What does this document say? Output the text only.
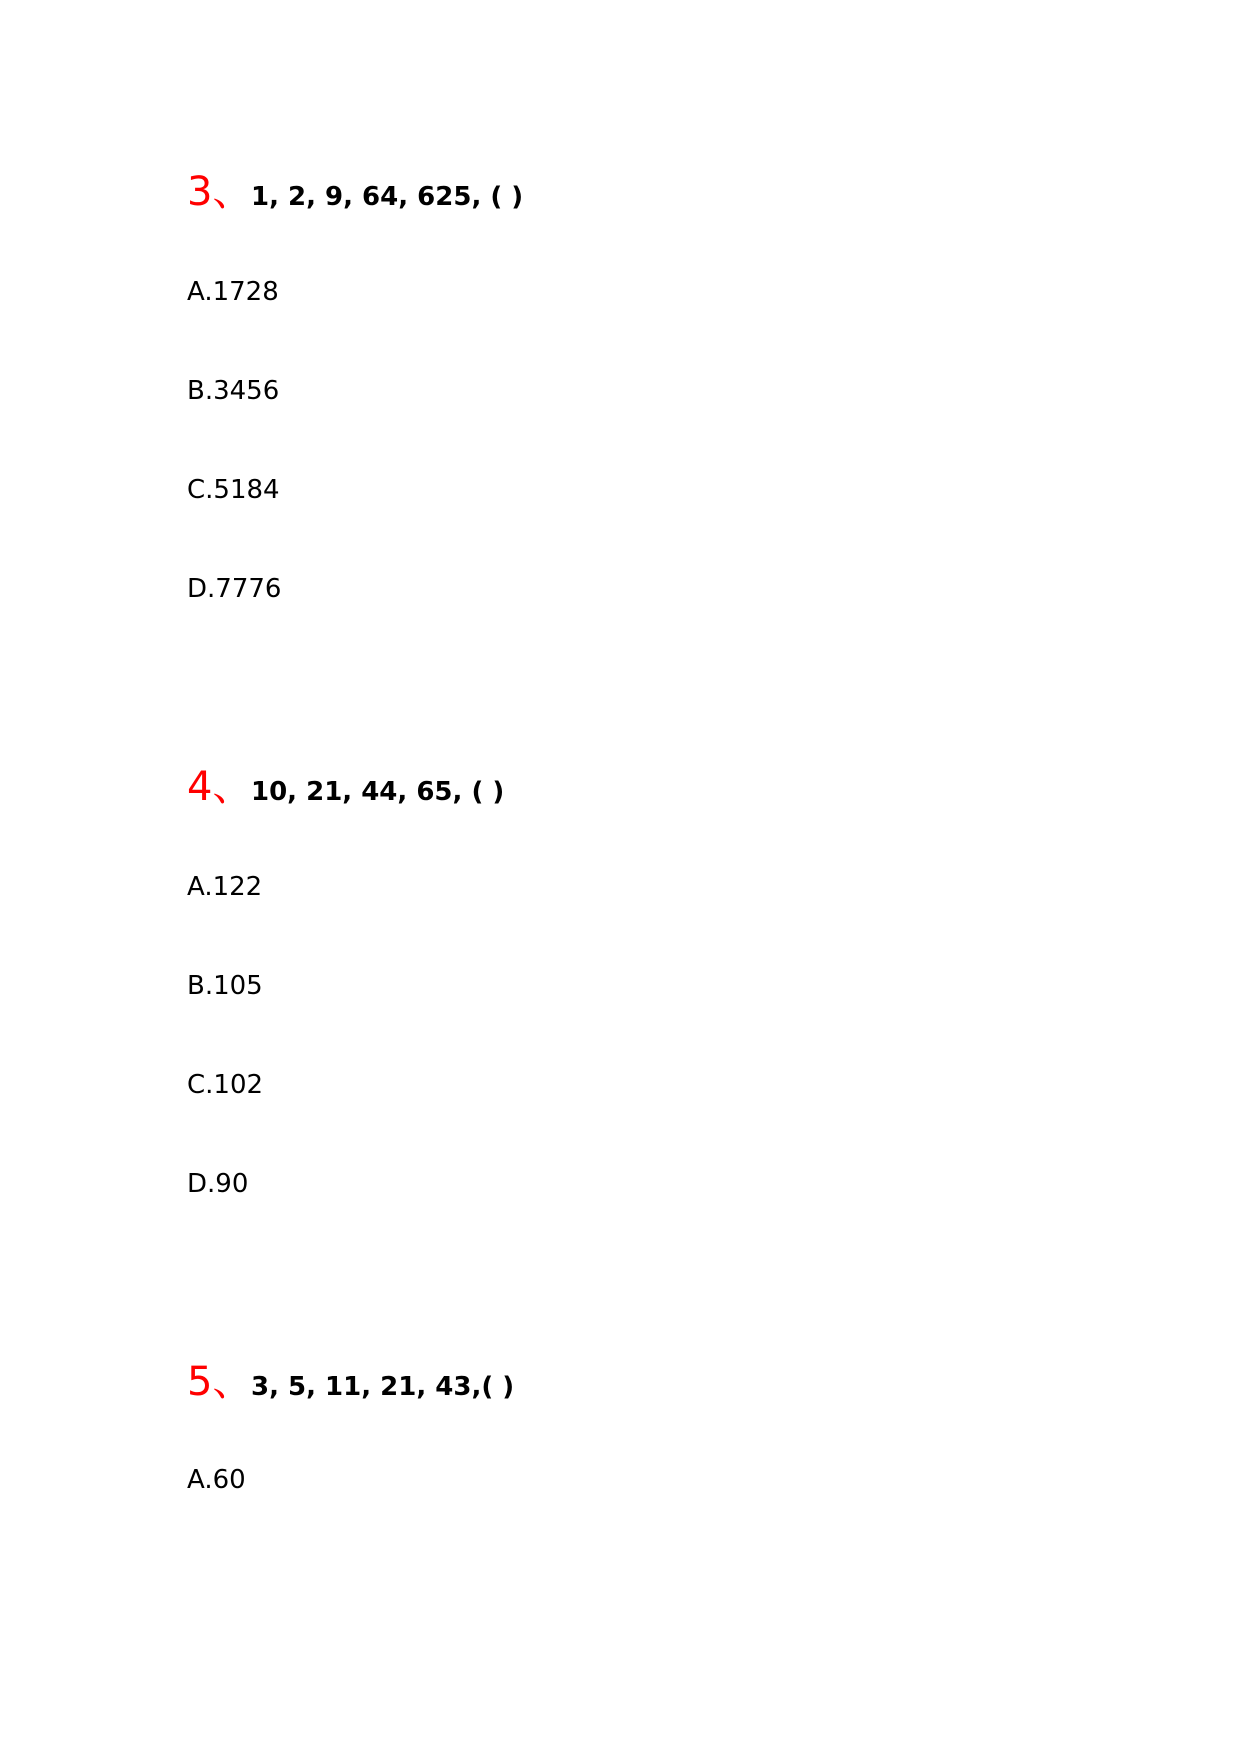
3、
1, 2, 9, 64, 625, ( )
A.1728
B.3456
C.5184
D.7776
4、
10, 21, 44, 65, ( )
A.122
B.105
C.102
D.90
5、
3, 5, 11, 21, 43,( )
A.60
